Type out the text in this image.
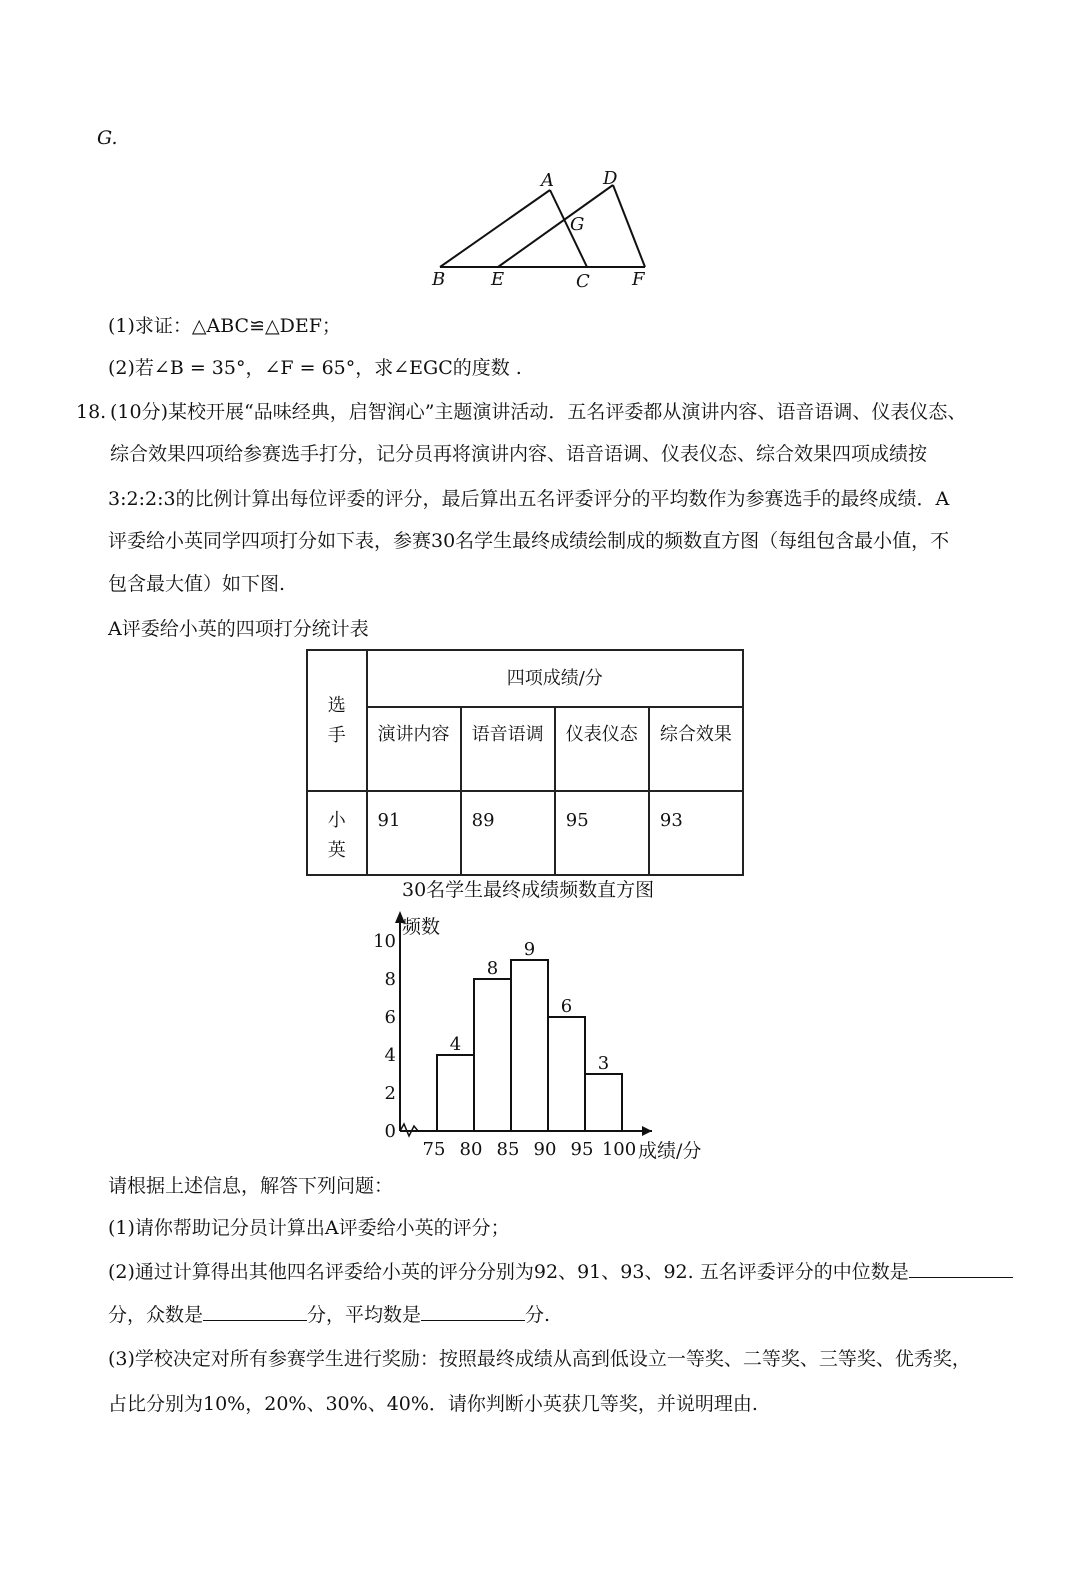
G.
A	D
G
B	E	C F
(1)求证：△ABC≌△DEF；
(2)若∠B = 35°，∠F = 65°，求∠EGC的度数 .
18. (10分)某校开展“品味经典，启智润心”主题演讲活动．五名评委都从演讲内容、语音语调、仪表仪态、
综合效果四项给参赛选手打分，记分员再将演讲内容、语音语调、仪表仪态、综合效果四项成绩按
3:2:2:3的比例计算出每位评委的评分，最后算出五名评委评分的平均数作为参赛选手的最终成绩．A
评委给小英同学四项打分如下表，参赛30名学生最终成绩绘制成的频数直方图（每组包含最小值，不
包含最大值）如下图.
A评委给小英的四项打分统计表
选手	四项成绩/分			

	演讲内容	语音语调	仪表仪态	综合效果

小英	91	89	95	93
30名学生最终成绩频数直方图
频数
0
2
4
6
8
10
4
8
9
6
3
75 80 85 90 95 100 成绩/分
请根据上述信息，解答下列问题：
(1)请你帮助记分员计算出A评委给小英的评分；
(2)通过计算得出其他四名评委给小英的评分分别为92、91、93、92. 五名评委评分的中位数是
分，众数是	分，平均数是	分.
(3)学校决定对所有参赛学生进行奖励：按照最终成绩从高到低设立一等奖、二等奖、三等奖、优秀奖，
占比分别为10%，20%、30%、40%．请你判断小英获几等奖，并说明理由.
